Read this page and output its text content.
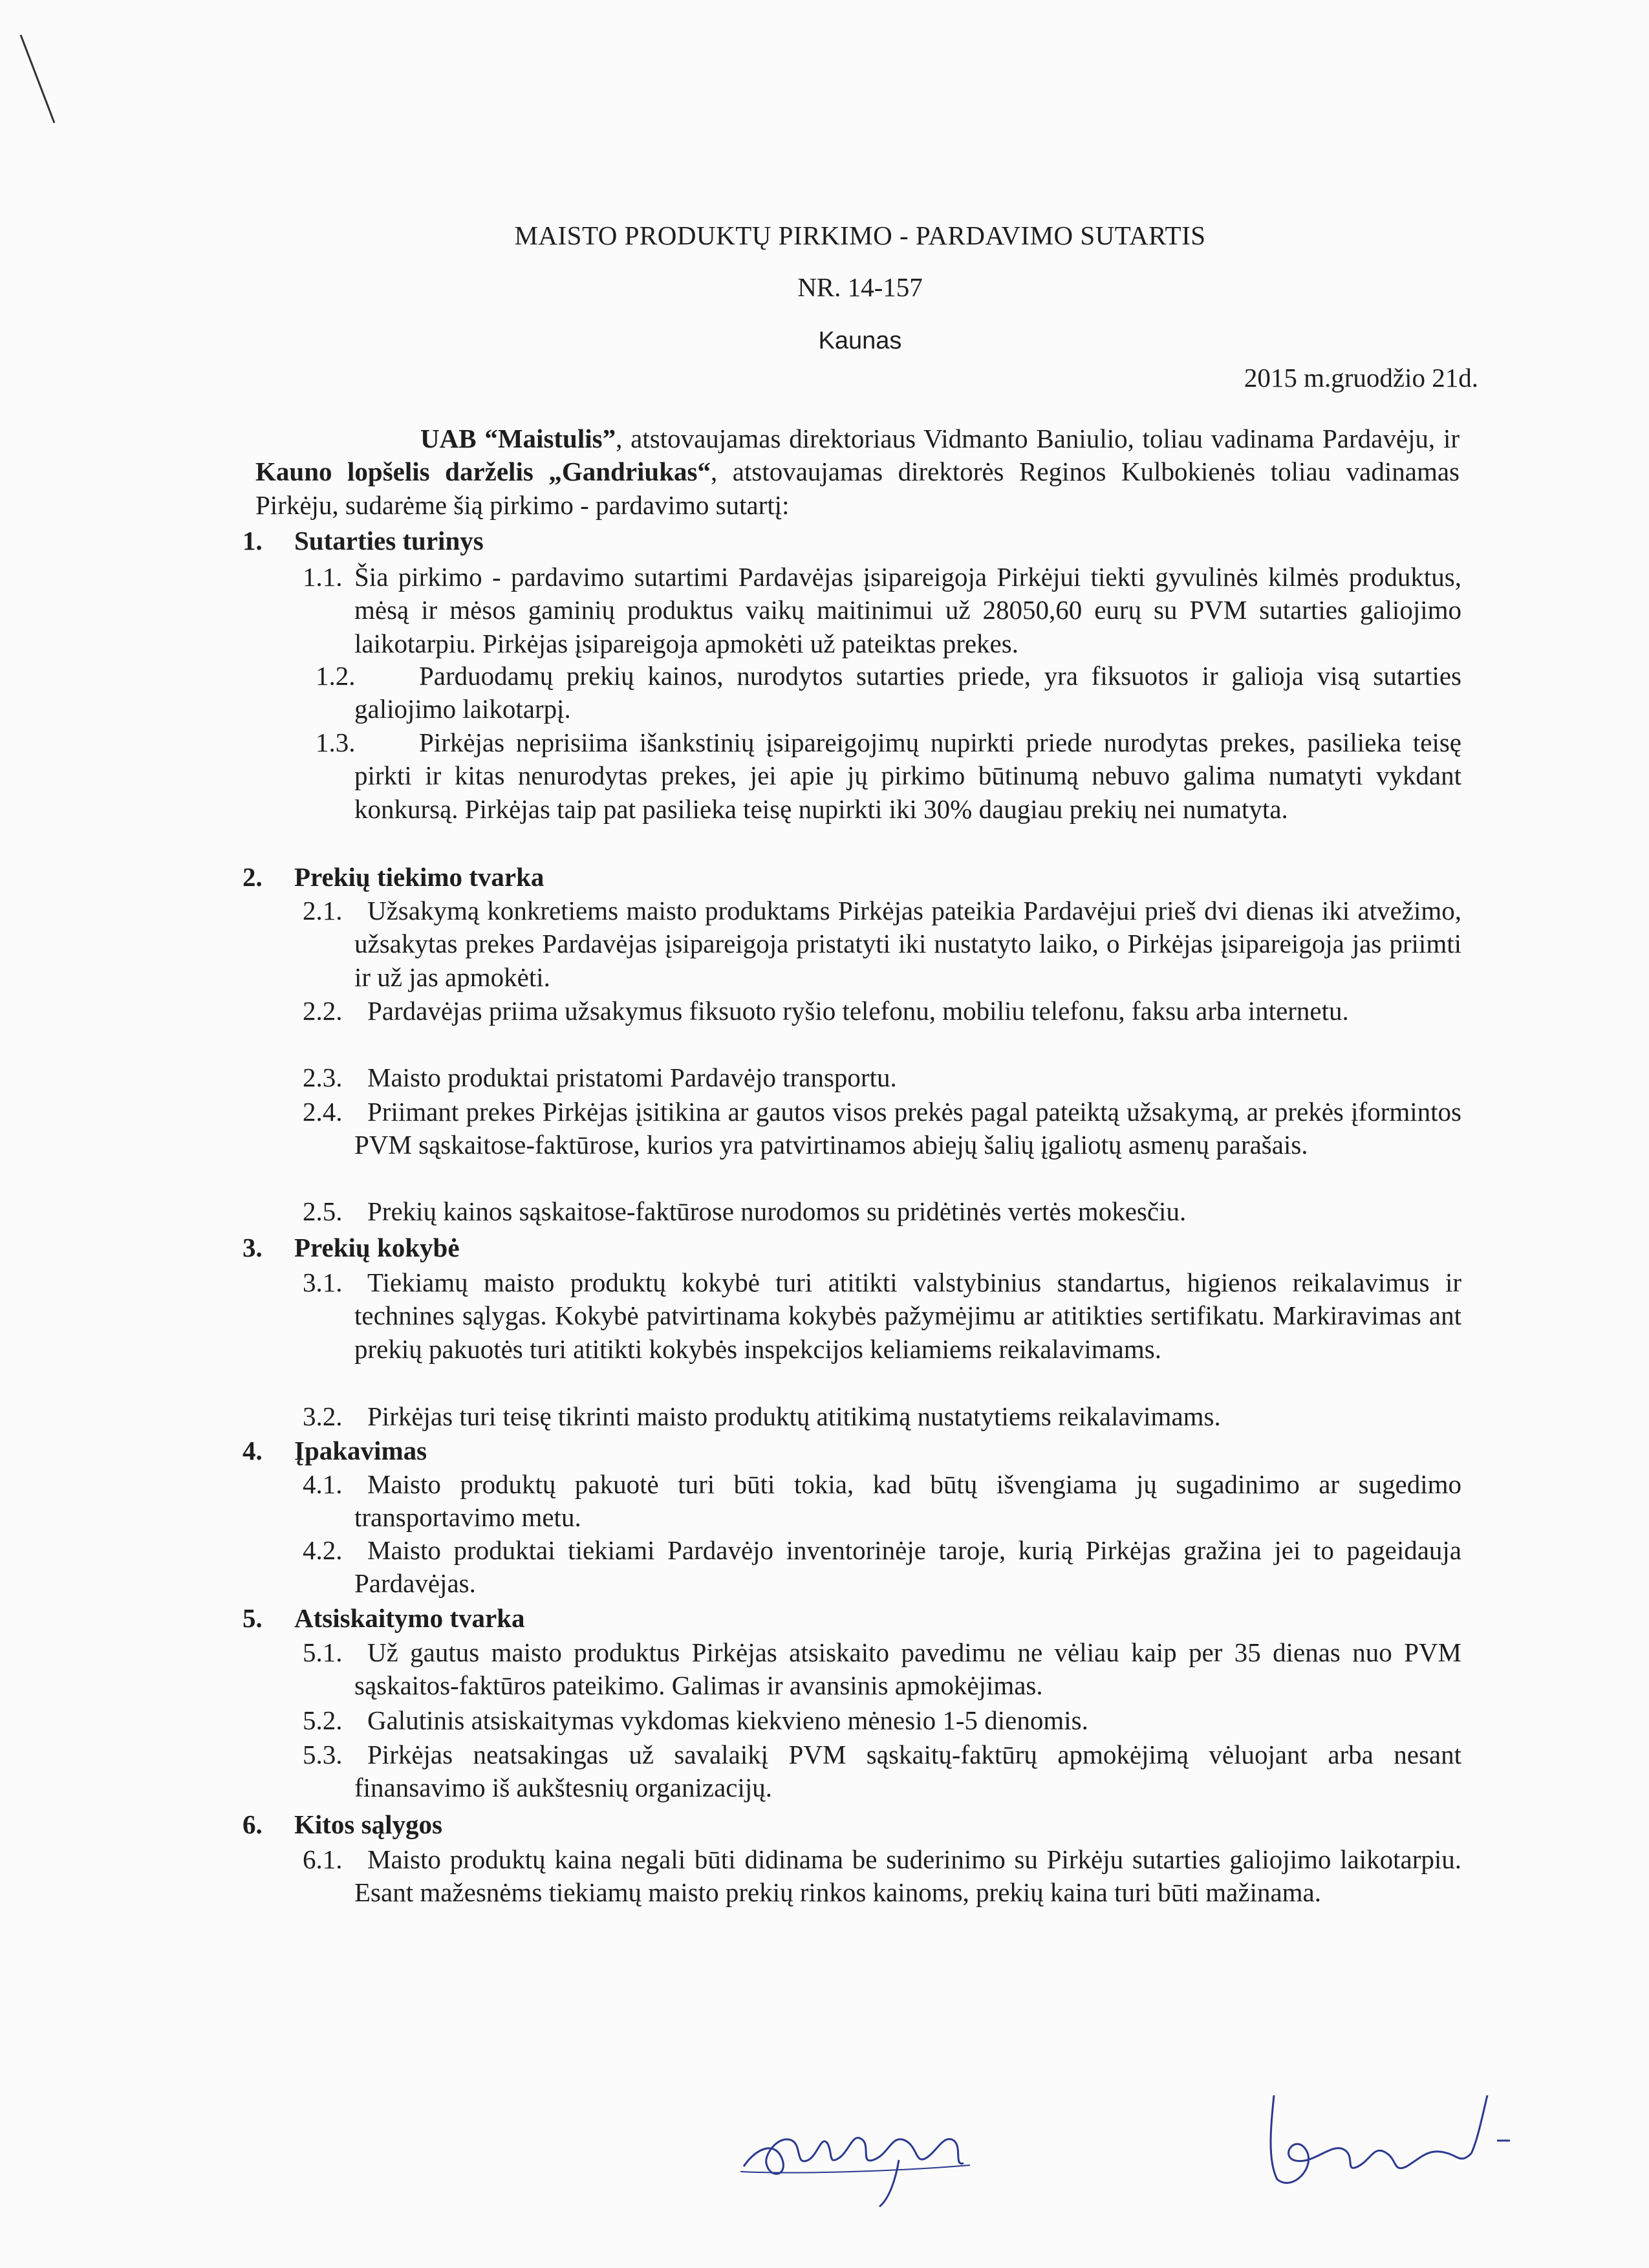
MAISTO PRODUKTŲ PIRKIMO - PARDAVIMO SUTARTIS
NR. 14-157
Kaunas
2015 m.gruodžio 21d.
UAB “Maistulis”, atstovaujamas direktoriaus Vidmanto Baniulio, toliau vadinama Pardavėju, ir Kauno lopšelis darželis „Gandriukas“, atstovaujamas direktorės Reginos Kulbokienės toliau vadinamas Pirkėju, sudarėme šią pirkimo - pardavimo sutartį:
1. Sutarties turinys
1.1. Šia pirkimo - pardavimo sutartimi Pardavėjas įsipareigoja Pirkėjui tiekti gyvulinės kilmės produktus, mėsą ir mėsos gaminių produktus vaikų maitinimui už 28050,60 eurų su PVM sutarties galiojimo laikotarpiu. Pirkėjas įsipareigoja apmokėti už pateiktas prekes.
1.2. Parduodamų prekių kainos, nurodytos sutarties priede, yra fiksuotos ir galioja visą sutarties galiojimo laikotarpį.
1.3. Pirkėjas neprisiima išankstinių įsipareigojimų nupirkti priede nurodytas prekes, pasilieka teisę pirkti ir kitas nenurodytas prekes, jei apie jų pirkimo būtinumą nebuvo galima numatyti vykdant konkursą. Pirkėjas taip pat pasilieka teisę nupirkti iki 30% daugiau prekių nei numatyta.
2. Prekių tiekimo tvarka
2.1. Užsakymą konkretiems maisto produktams Pirkėjas pateikia Pardavėjui prieš dvi dienas iki atvežimo, užsakytas prekes Pardavėjas įsipareigoja pristatyti iki nustatyto laiko, o Pirkėjas įsipareigoja jas priimti ir už jas apmokėti.
2.2. Pardavėjas priima užsakymus fiksuoto ryšio telefonu, mobiliu telefonu, faksu arba internetu.
2.3. Maisto produktai pristatomi Pardavėjo transportu.
2.4. Priimant prekes Pirkėjas įsitikina ar gautos visos prekės pagal pateiktą užsakymą, ar prekės įformintos PVM sąskaitose-faktūrose, kurios yra patvirtinamos abiejų šalių įgaliotų asmenų parašais.
2.5. Prekių kainos sąskaitose-faktūrose nurodomos su pridėtinės vertės mokesčiu.
3. Prekių kokybė
3.1. Tiekiamų maisto produktų kokybė turi atitikti valstybinius standartus, higienos reikalavimus ir technines sąlygas. Kokybė patvirtinama kokybės pažymėjimu ar atitikties sertifikatu. Markiravimas ant prekių pakuotės turi atitikti kokybės inspekcijos keliamiems reikalavimams.
3.2. Pirkėjas turi teisę tikrinti maisto produktų atitikimą nustatytiems reikalavimams.
4. Įpakavimas
4.1. Maisto produktų pakuotė turi būti tokia, kad būtų išvengiama jų sugadinimo ar sugedimo transportavimo metu.
4.2. Maisto produktai tiekiami Pardavėjo inventorinėje taroje, kurią Pirkėjas gražina jei to pageidauja Pardavėjas.
5. Atsiskaitymo tvarka
5.1. Už gautus maisto produktus Pirkėjas atsiskaito pavedimu ne vėliau kaip per 35 dienas nuo PVM sąskaitos-faktūros pateikimo. Galimas ir avansinis apmokėjimas.
5.2. Galutinis atsiskaitymas vykdomas kiekvieno mėnesio 1-5 dienomis.
5.3. Pirkėjas neatsakingas už savalaikį PVM sąskaitų-faktūrų apmokėjimą vėluojant arba nesant finansavimo iš aukštesnių organizacijų.
6. Kitos sąlygos
6.1. Maisto produktų kaina negali būti didinama be suderinimo su Pirkėju sutarties galiojimo laikotarpiu. Esant mažesnėms tiekiamų maisto prekių rinkos kainoms, prekių kaina turi būti mažinama.
